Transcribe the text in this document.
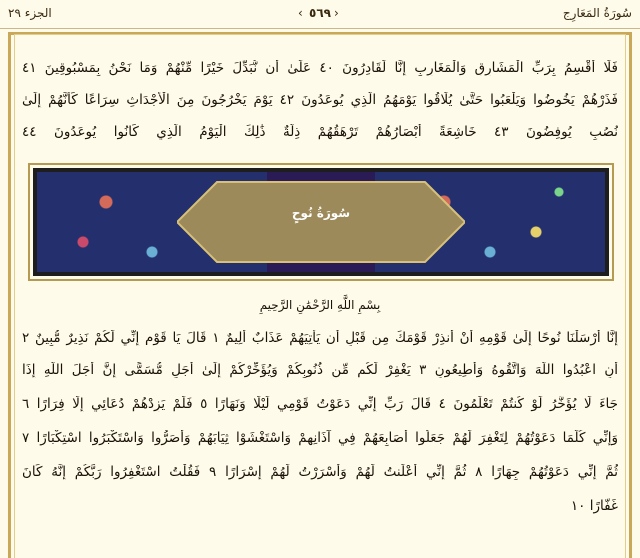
الجزء ٢٩	‹ ٥٦٩ ›	سُورَةُ المَعَارِج
فَلَا أُقْسِمُ بِرَبِّ الْمَشَارِقِ وَالْمَغَارِبِ إِنَّا لَقَادِرُونَ ٤٠ عَلَىٰ أَن نُّبَدِّلَ خَيْرًا مِّنْهُمْ وَمَا نَحْنُ بِمَسْبُوقِينَ ٤١
فَذَرْهُمْ يَخُوضُوا وَيَلْعَبُوا حَتَّىٰ يُلَاقُوا يَوْمَهُمُ الَّذِي يُوعَدُونَ ٤٢ يَوْمَ يَخْرُجُونَ مِنَ الْأَجْدَاثِ سِرَاعًا كَأَنَّهُمْ إِلَىٰ
نُصُبٍ يُوفِضُونَ ٤٣ خَاشِعَةً أَبْصَارُهُمْ تَرْهَقُهُمْ ذِلَّةٌ ذَٰلِكَ الْيَوْمُ الَّذِي كَانُوا يُوعَدُونَ ٤٤
سُورَةُ نُوحٍ
بِسْمِ اللَّهِ الرَّحْمَٰنِ الرَّحِيمِ
إِنَّا أَرْسَلْنَا نُوحًا إِلَىٰ قَوْمِهِ أَنْ أَنذِرْ قَوْمَكَ مِن قَبْلِ أَن يَأْتِيَهُمْ عَذَابٌ أَلِيمٌ ١ قَالَ يَا قَوْمِ إِنِّي لَكُمْ نَذِيرٌ مُّبِينٌ ٢
أَنِ اعْبُدُوا اللَّهَ وَاتَّقُوهُ وَأَطِيعُونِ ٣ يَغْفِرْ لَكُم مِّن ذُنُوبِكُمْ وَيُؤَخِّرْكُمْ إِلَىٰ أَجَلٍ مُّسَمًّى إِنَّ أَجَلَ اللَّهِ إِذَا
جَاءَ لَا يُؤَخَّرُ لَوْ كُنتُمْ تَعْلَمُونَ ٤ قَالَ رَبِّ إِنِّي دَعَوْتُ قَوْمِي لَيْلًا وَنَهَارًا ٥ فَلَمْ يَزِدْهُمْ دُعَائِي إِلَّا فِرَارًا ٦
وَإِنِّي كُلَّمَا دَعَوْتُهُمْ لِتَغْفِرَ لَهُمْ جَعَلُوا أَصَابِعَهُمْ فِي آذَانِهِمْ وَاسْتَغْشَوْا ثِيَابَهُمْ وَأَصَرُّوا وَاسْتَكْبَرُوا اسْتِكْبَارًا ٧
ثُمَّ إِنِّي دَعَوْتُهُمْ جِهَارًا ٨ ثُمَّ إِنِّي أَعْلَنتُ لَهُمْ وَأَسْرَرْتُ لَهُمْ إِسْرَارًا ٩ فَقُلْتُ اسْتَغْفِرُوا رَبَّكُمْ إِنَّهُ كَانَ
غَفَّارًا ١٠
